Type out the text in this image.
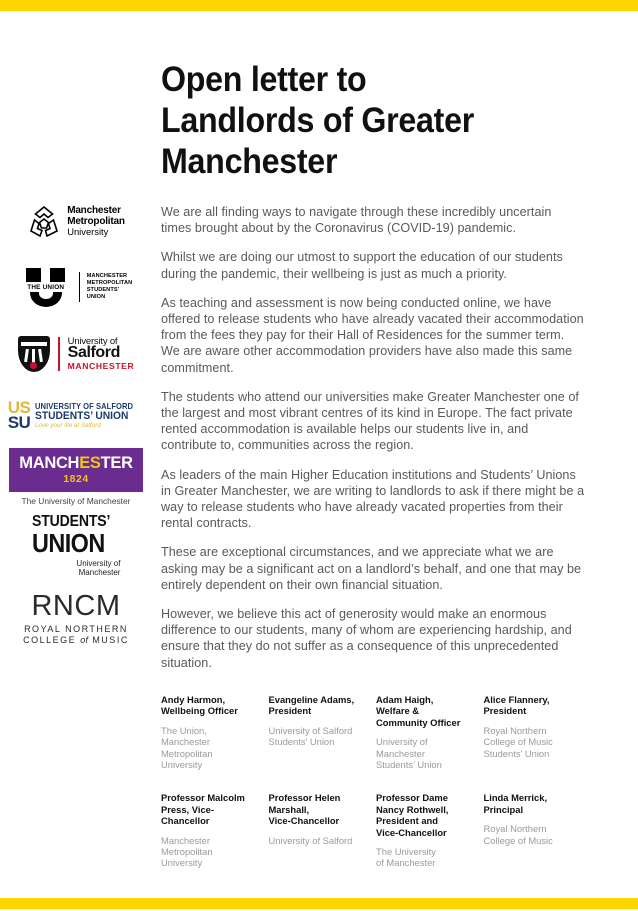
Open letter to
Landlords of Greater
Manchester
Manchester
Metropolitan
University
THE UNION
MANCHESTER
METROPOLITAN
STUDENTS’
UNION
University of
Salford
MANCHESTER
US
SU
UNIVERSITY OF SALFORD
STUDENTS’ UNION
Love your life at Salford
MANCHESTER
1824
The University of Manchester
STUDENTS’
UNION
University of
Manchester
RNCM
ROYAL NORTHERN
COLLEGE of MUSIC

We are all finding ways to navigate through these incredibly uncertain times brought about by the Coronavirus (COVID-19) pandemic.

Whilst we are doing our utmost to support the education of our students during the pandemic, their wellbeing is just as much a priority.

As teaching and assessment is now being conducted online, we have offered to release students who have already vacated their accommodation from the fees they pay for their Hall of Residences for the summer term. We are aware other accommodation providers have also made this same commitment.

The students who attend our universities make Greater Manchester one of the largest and most vibrant centres of its kind in Europe. The fact private rented accommodation is available helps our students live in, and contribute to, communities across the region.

As leaders of the main Higher Education institutions and Students’ Unions in Greater Manchester, we are writing to landlords to ask if there might be a way to release students who have already vacated properties from their rental contracts.

These are exceptional circumstances, and we appreciate what we are asking may be a significant act on a landlord’s behalf, and one that may be entirely dependent on their own financial situation.

However, we believe this act of generosity would make an enormous difference to our students, many of whom are experiencing hardship, and ensure that they do not suffer as a consequence of this unprecedented situation.

Andy Harmon,
Wellbeing Officer
The Union,
Manchester
Metropolitan
University
Evangeline Adams,
President
University of Salford
Students’ Union
Adam Haigh,
Welfare &
Community Officer
University of
Manchester
Students’ Union
Alice Flannery,
President
Royal Northern
College of Music
Students’ Union
Professor Malcolm
Press, Vice-Chancellor
Manchester
Metropolitan
University
Professor Helen
Marshall,
Vice-Chancellor
University of Salford
Professor Dame
Nancy Rothwell,
President and
Vice-Chancellor
The University
of Manchester
Linda Merrick,
Principal
Royal Northern
College of Music
